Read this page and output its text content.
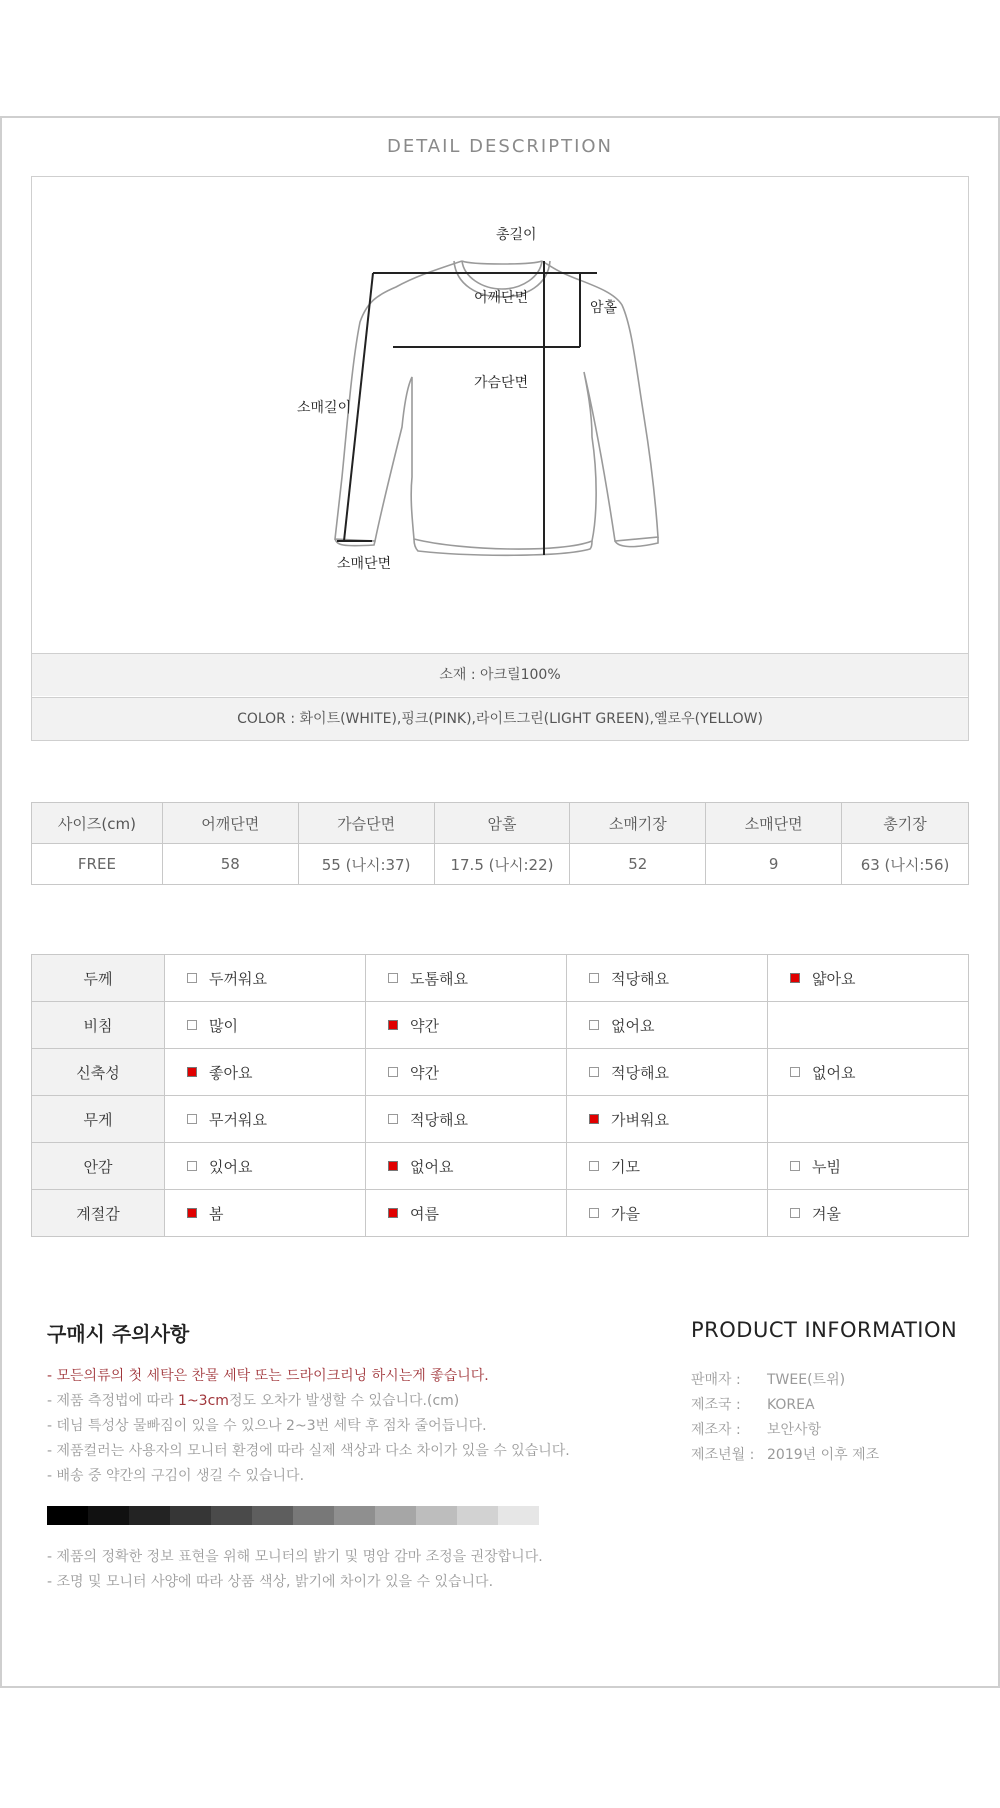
DETAIL DESCRIPTION
총길이
어깨단면
암홀
가슴단면
소매길이
소매단면
소재 : 아크릴100%
COLOR : 화이트(WHITE),핑크(PINK),라이트그린(LIGHT GREEN),옐로우(YELLOW)
사이즈(cm)	어깨단면	가슴단면	암홀	소매기장	소매단면	총기장
FREE	58	55 (나시:37)	17.5 (나시:22)	52	9	63 (나시:56)
두께	두꺼워요	도톰해요	적당해요	얇아요
비침	많이	약간	없어요	
신축성	좋아요	약간	적당해요	없어요
무게	무거워요	적당해요	가벼워요	
안감	있어요	없어요	기모	누빔
계절감	봄	여름	가을	겨울
구매시 주의사항
- 모든의류의 첫 세탁은 찬물 세탁 또는 드라이크리닝 하시는게 좋습니다.
- 제품 측정법에 따라 1~3cm정도 오차가 발생할 수 있습니다.(cm)
- 데님 특성상 물빠짐이 있을 수 있으나 2~3번 세탁 후 점차 줄어듭니다.
- 제품컬러는 사용자의 모니터 환경에 따라 실제 색상과 다소 차이가 있을 수 있습니다.
- 배송 중 약간의 구김이 생길 수 있습니다.
- 제품의 정확한 정보 표현을 위해 모니터의 밝기 및 명암 감마 조정을 권장합니다.
- 조명 및 모니터 사양에 따라 상품 색상, 밝기에 차이가 있을 수 있습니다.
PRODUCT INFORMATION
판매자 : TWEE(트위)
제조국 : KOREA
제조자 : 보안사항
제조년월 : 2019년 이후 제조
